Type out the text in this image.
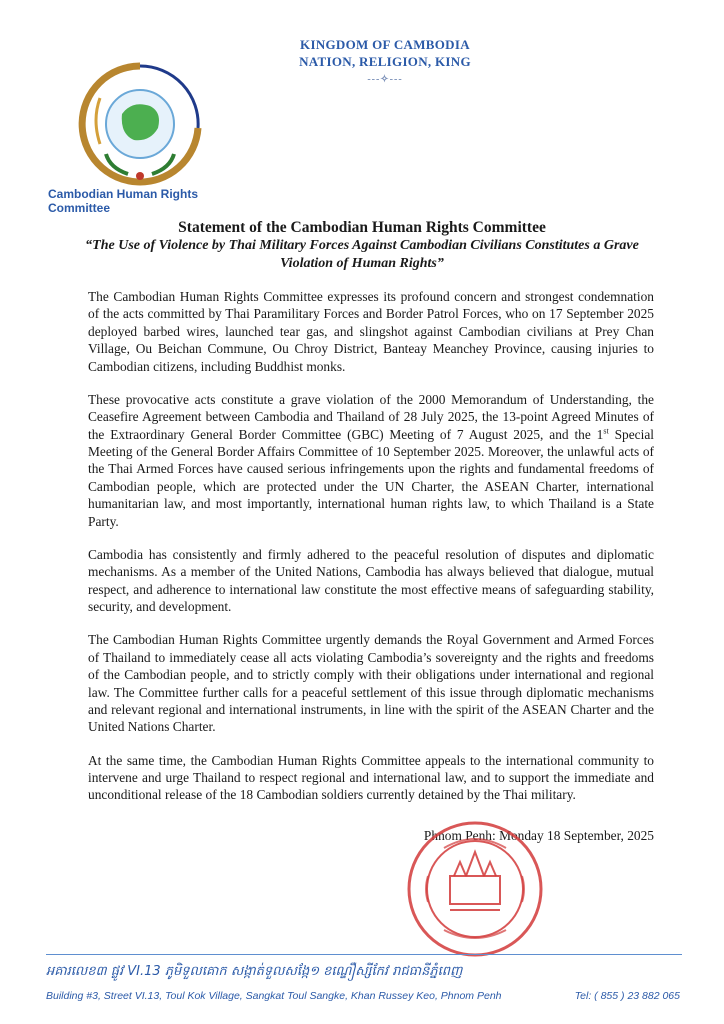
KINGDOM OF CAMBODIA
NATION, RELIGION, KING
---✧---
Cambodian Human Rights Committee
Statement of the Cambodian Human Rights Committee
“The Use of Violence by Thai Military Forces Against Cambodian Civilians Constitutes a Grave Violation of Human Rights”

The Cambodian Human Rights Committee expresses its profound concern and strongest condemnation of the acts committed by Thai Paramilitary Forces and Border Patrol Forces, who on 17 September 2025 deployed barbed wires, launched tear gas, and slingshot against Cambodian civilians at Prey Chan Village, Ou Beichan Commune, Ou Chroy District, Banteay Meanchey Province, causing injuries to Cambodian citizens, including Buddhist monks.

These provocative acts constitute a grave violation of the 2000 Memorandum of Understanding, the Ceasefire Agreement between Cambodia and Thailand of 28 July 2025, the 13-point Agreed Minutes of the Extraordinary General Border Committee (GBC) Meeting of 7 August 2025, and the 1st Special Meeting of the General Border Affairs Committee of 10 September 2025. Moreover, the unlawful acts of the Thai Armed Forces have caused serious infringements upon the rights and fundamental freedoms of Cambodian people, which are protected under the UN Charter, the ASEAN Charter, international humanitarian law, and most importantly, international human rights law, to which Thailand is a State Party.

Cambodia has consistently and firmly adhered to the peaceful resolution of disputes and diplomatic mechanisms. As a member of the United Nations, Cambodia has always believed that dialogue, mutual respect, and adherence to international law constitute the most effective means of safeguarding stability, security, and development.

The Cambodian Human Rights Committee urgently demands the Royal Government and Armed Forces of Thailand to immediately cease all acts violating Cambodia’s sovereignty and the rights and freedoms of the Cambodian people, and to strictly comply with their obligations under international and regional law. The Committee further calls for a peaceful settlement of this issue through diplomatic mechanisms and relevant regional and international instruments, in line with the spirit of the ASEAN Charter and the United Nations Charter.

At the same time, the Cambodian Human Rights Committee appeals to the international community to intervene and urge Thailand to respect regional and international law, and to support the immediate and unconditional release of the 18 Cambodian soldiers currently detained by the Thai military.

Phnom Penh: Monday 18 September, 2025
អគារលេខ៣ ផ្លូវ VI.13 ភូមិទួលគោក សង្កាត់ទួលសង្កែ១ ខណ្ឌឿស្សីកែវ រាជធានីភ្នំពេញ
Building #3, Street VI.13, Toul Kok Village, Sangkat Toul Sangke, Khan Russey Keo, Phnom Penh	Tel: ( 855 ) 23 882 065
